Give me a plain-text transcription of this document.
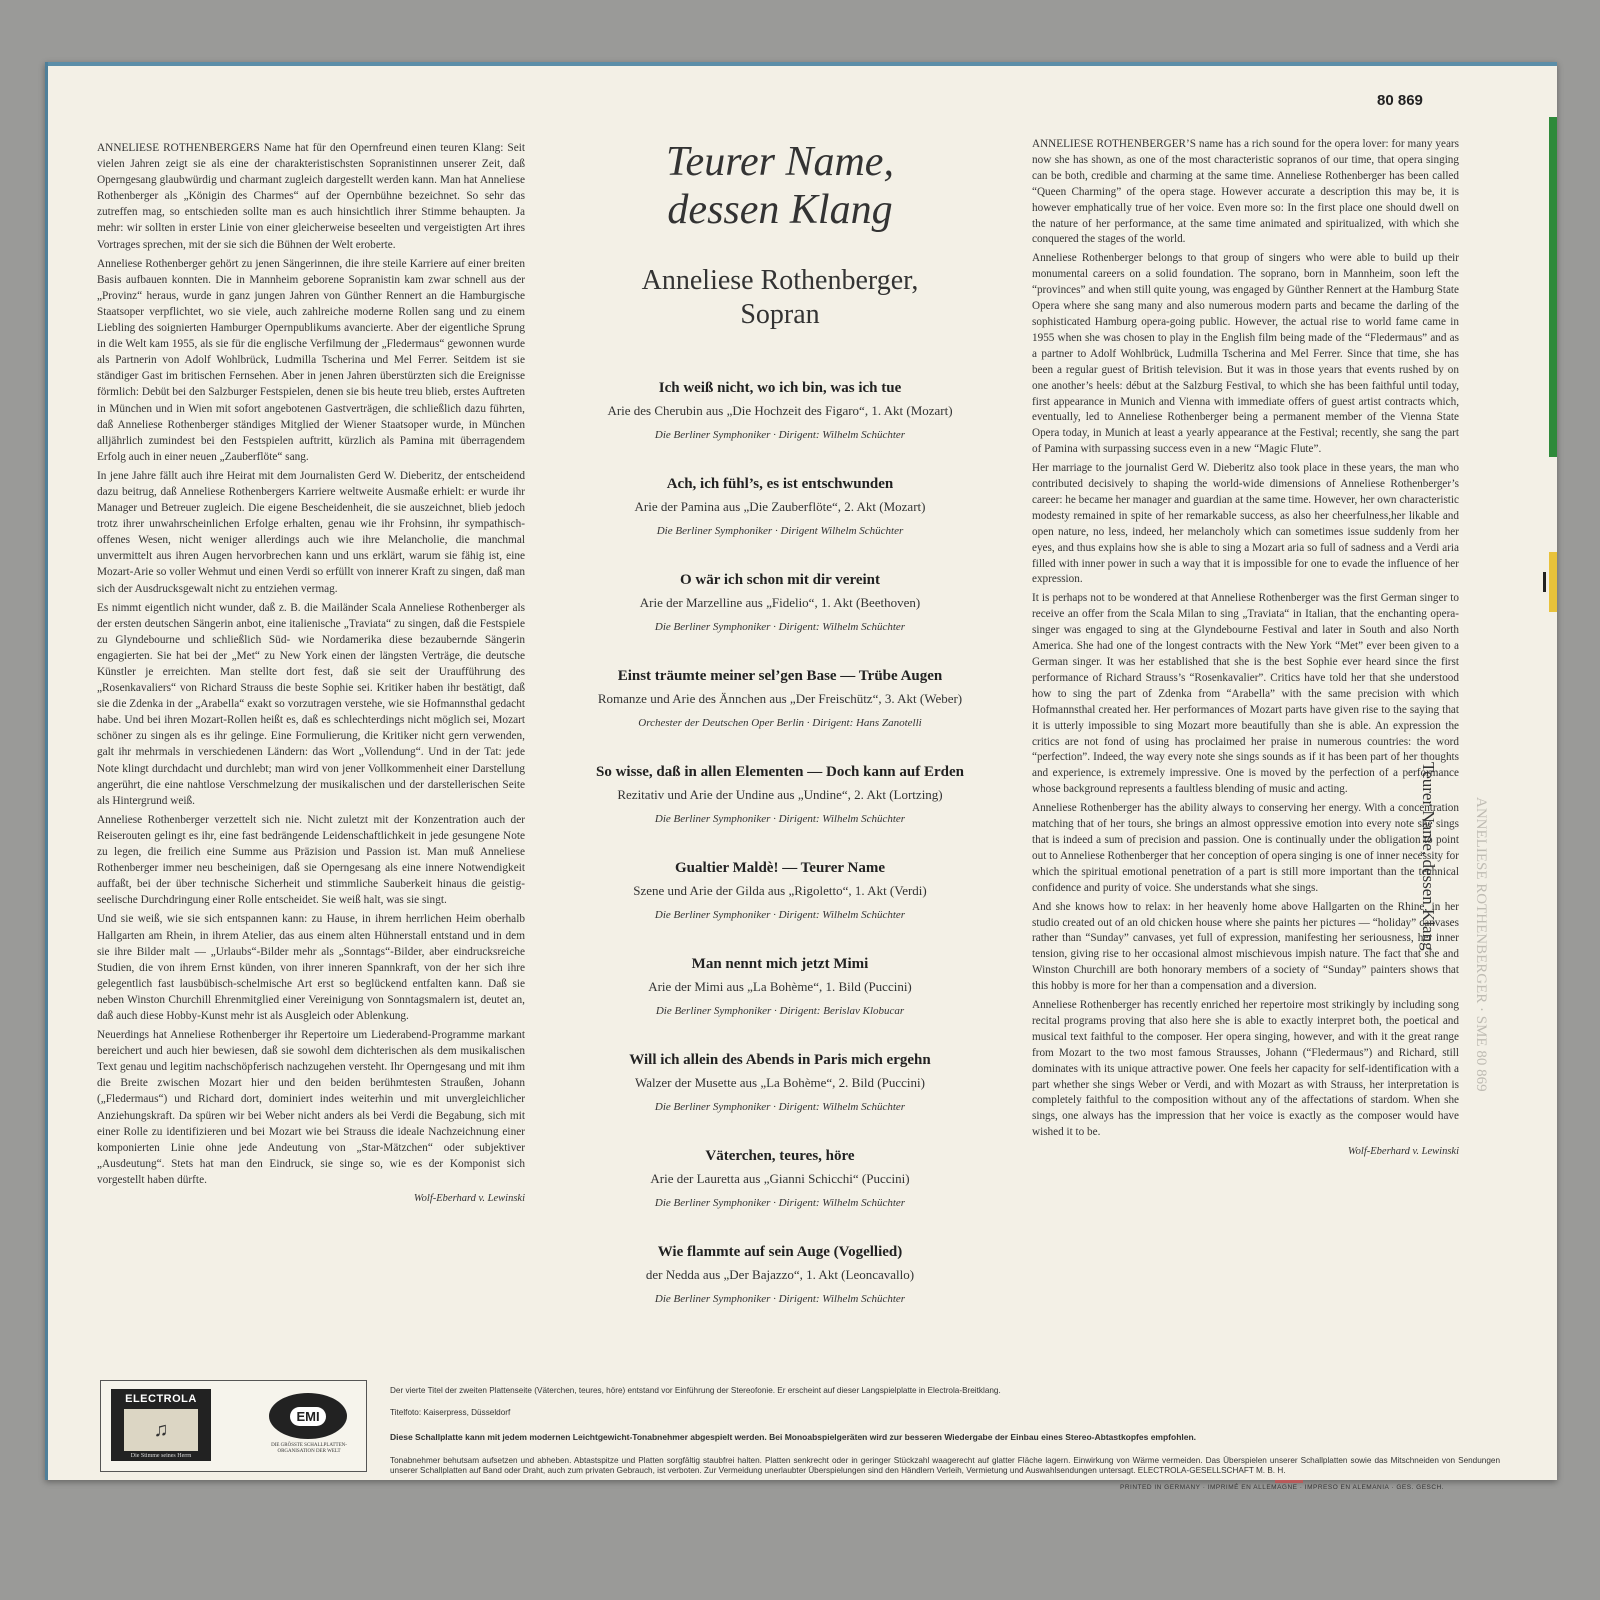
80 869

ANNELIESE ROTHENBERGERS Name hat für den Opernfreund einen teuren Klang: Seit vielen Jahren zeigt sie als eine der charakteristischsten Sopranistinnen unserer Zeit, daß Operngesang glaubwürdig und charmant zugleich dargestellt werden kann. Man hat Anneliese Rothenberger als „Königin des Charmes“ auf der Opernbühne bezeichnet. So sehr das zutreffen mag, so entschieden sollte man es auch hinsichtlich ihrer Stimme behaupten. Ja mehr: wir sollten in erster Linie von einer gleicherweise beseelten und vergeistigten Art ihres Vortrages sprechen, mit der sie sich die Bühnen der Welt eroberte.

Anneliese Rothenberger gehört zu jenen Sängerinnen, die ihre steile Karriere auf einer breiten Basis aufbauen konnten. Die in Mannheim geborene Sopranistin kam zwar schnell aus der „Provinz“ heraus, wurde in ganz jungen Jahren von Günther Rennert an die Hamburgische Staatsoper verpflichtet, wo sie viele, auch zahlreiche moderne Rollen sang und zu einem Liebling des soignierten Hamburger Opernpublikums avancierte. Aber der eigentliche Sprung in die Welt kam 1955, als sie für die englische Verfilmung der „Fledermaus“ gewonnen wurde als Partnerin von Adolf Wohlbrück, Ludmilla Tscherina und Mel Ferrer. Seitdem ist sie ständiger Gast im britischen Fernsehen. Aber in jenen Jahren überstürzten sich die Ereignisse förmlich: Debüt bei den Salzburger Festspielen, denen sie bis heute treu blieb, erstes Auftreten in München und in Wien mit sofort angebotenen Gastverträgen, die schließlich dazu führten, daß Anneliese Rothenberger ständiges Mitglied der Wiener Staatsoper wurde, in München alljährlich zumindest bei den Festspielen auftritt, kürzlich als Pamina mit überragendem Erfolg auch in einer neuen „Zauberflöte“ sang.

In jene Jahre fällt auch ihre Heirat mit dem Journalisten Gerd W. Dieberitz, der entscheidend dazu beitrug, daß Anneliese Rothenbergers Karriere weltweite Ausmaße erhielt: er wurde ihr Manager und Betreuer zugleich. Die eigene Bescheidenheit, die sie auszeichnet, blieb jedoch trotz ihrer unwahrscheinlichen Erfolge erhalten, genau wie ihr Frohsinn, ihr sympathisch-offenes Wesen, nicht weniger allerdings auch wie ihre Melancholie, die manchmal unvermittelt aus ihren Augen hervorbrechen kann und uns erklärt, warum sie fähig ist, eine Mozart-Arie so voller Wehmut und einen Verdi so erfüllt von innerer Kraft zu singen, daß man sich der Ausdrucksgewalt nicht zu entziehen vermag.

Es nimmt eigentlich nicht wunder, daß z. B. die Mailänder Scala Anneliese Rothenberger als der ersten deutschen Sängerin anbot, eine italienische „Traviata“ zu singen, daß die Festspiele zu Glyndebourne und schließlich Süd- wie Nordamerika diese bezaubernde Sängerin engagierten. Sie hat bei der „Met“ zu New York einen der längsten Verträge, die deutsche Künstler je erreichten. Man stellte dort fest, daß sie seit der Uraufführung des „Rosenkavaliers“ von Richard Strauss die beste Sophie sei. Kritiker haben ihr bestätigt, daß sie die Zdenka in der „Arabella“ exakt so vorzutragen verstehe, wie sie Hofmannsthal gedacht habe. Und bei ihren Mozart-Rollen heißt es, daß es schlechterdings nicht möglich sei, Mozart schöner zu singen als es ihr gelinge. Eine Formulierung, die Kritiker nicht gern verwenden, galt ihr mehrmals in verschiedenen Ländern: das Wort „Vollendung“. Und in der Tat: jede Note klingt durchdacht und durchlebt; man wird von jener Vollkommenheit einer Darstellung angerührt, die eine nahtlose Verschmelzung der musikalischen und der darstellerischen Seite als Hintergrund weiß.

Anneliese Rothenberger verzettelt sich nie. Nicht zuletzt mit der Konzentration auch der Reiserouten gelingt es ihr, eine fast bedrängende Leidenschaftlichkeit in jede gesungene Note zu legen, die freilich eine Summe aus Präzision und Passion ist. Man muß Anneliese Rothenberger immer neu bescheinigen, daß sie Operngesang als eine innere Notwendigkeit auffaßt, bei der über technische Sicherheit und stimmliche Sauberkeit hinaus die geistig-seelische Durchdringung einer Rolle entscheidet. Sie weiß halt, was sie singt.

Und sie weiß, wie sie sich entspannen kann: zu Hause, in ihrem herrlichen Heim oberhalb Hallgarten am Rhein, in ihrem Atelier, das aus einem alten Hühnerstall entstand und in dem sie ihre Bilder malt — „Urlaubs“-Bilder mehr als „Sonntags“-Bilder, aber eindrucksreiche Studien, die von ihrem Ernst künden, von ihrer inneren Spannkraft, von der her sich ihre gelegentlich fast lausbübisch-schelmische Art erst so beglückend entfalten kann. Daß sie neben Winston Churchill Ehrenmitglied einer Vereinigung von Sonntagsmalern ist, deutet an, daß auch diese Hobby-Kunst mehr ist als Ausgleich oder Ablenkung.

Neuerdings hat Anneliese Rothenberger ihr Repertoire um Liederabend-Programme markant bereichert und auch hier bewiesen, daß sie sowohl dem dichterischen als dem musikalischen Text genau und legitim nachschöpferisch nachzugehen versteht. Ihr Operngesang und mit ihm die Breite zwischen Mozart hier und den beiden berühmtesten Straußen, Johann („Fledermaus“) und Richard dort, dominiert indes weiterhin und mit unvergleichlicher Anziehungskraft. Da spüren wir bei Weber nicht anders als bei Verdi die Begabung, sich mit einer Rolle zu identifizieren und bei Mozart wie bei Strauss die ideale Nachzeichnung einer komponierten Linie ohne jede Andeutung von „Star-Mätzchen“ oder subjektiver „Ausdeutung“. Stets hat man den Eindruck, sie singe so, wie es der Komponist sich vorgestellt haben dürfte.

Wolf-Eberhard v. Lewinski
Teurer Name,
dessen Klang
Anneliese Rothenberger,
Sopran
Ich weiß nicht, wo ich bin, was ich tue
Arie des Cherubin aus „Die Hochzeit des Figaro“, 1. Akt (Mozart)
Die Berliner Symphoniker · Dirigent: Wilhelm Schüchter
Ach, ich fühl’s, es ist entschwunden
Arie der Pamina aus „Die Zauberflöte“, 2. Akt (Mozart)
Die Berliner Symphoniker · Dirigent Wilhelm Schüchter
O wär ich schon mit dir vereint
Arie der Marzelline aus „Fidelio“, 1. Akt (Beethoven)
Die Berliner Symphoniker · Dirigent: Wilhelm Schüchter
Einst träumte meiner sel’gen Base — Trübe Augen
Romanze und Arie des Ännchen aus „Der Freischütz“, 3. Akt (Weber)
Orchester der Deutschen Oper Berlin · Dirigent: Hans Zanotelli
So wisse, daß in allen Elementen — Doch kann auf Erden
Rezitativ und Arie der Undine aus „Undine“, 2. Akt (Lortzing)
Die Berliner Symphoniker · Dirigent: Wilhelm Schüchter
Gualtier Maldè! — Teurer Name
Szene und Arie der Gilda aus „Rigoletto“, 1. Akt (Verdi)
Die Berliner Symphoniker · Dirigent: Wilhelm Schüchter
Man nennt mich jetzt Mimi
Arie der Mimi aus „La Bohème“, 1. Bild (Puccini)
Die Berliner Symphoniker · Dirigent: Berislav Klobucar
Will ich allein des Abends in Paris mich ergehn
Walzer der Musette aus „La Bohème“, 2. Bild (Puccini)
Die Berliner Symphoniker · Dirigent: Wilhelm Schüchter
Väterchen, teures, höre
Arie der Lauretta aus „Gianni Schicchi“ (Puccini)
Die Berliner Symphoniker · Dirigent: Wilhelm Schüchter
Wie flammte auf sein Auge (Vogellied)
der Nedda aus „Der Bajazzo“, 1. Akt (Leoncavallo)
Die Berliner Symphoniker · Dirigent: Wilhelm Schüchter

ANNELIESE ROTHENBERGER’S name has a rich sound for the opera lover: for many years now she has shown, as one of the most characteristic sopranos of our time, that opera singing can be both, credible and charming at the same time. Anneliese Rothenberger has been called “Queen Charming” of the opera stage. However accurate a description this may be, it is however emphatically true of her voice. Even more so: In the first place one should dwell on the nature of her performance, at the same time animated and spiritualized, with which she conquered the stages of the world.

Anneliese Rothenberger belongs to that group of singers who were able to build up their monumental careers on a solid foundation. The soprano, born in Mannheim, soon left the “provinces” and when still quite young, was engaged by Günther Rennert at the Hamburg State Opera where she sang many and also numerous modern parts and became the darling of the sophisticated Hamburg opera-going public. However, the actual rise to world fame came in 1955 when she was chosen to play in the English film being made of the “Fledermaus” and as a partner to Adolf Wohlbrück, Ludmilla Tscherina and Mel Ferrer. Since that time, she has been a regular guest of British television. But it was in those years that events rushed by on one another’s heels: début at the Salzburg Festival, to which she has been faithful until today, first appearance in Munich and Vienna with immediate offers of guest artist contracts which, eventually, led to Anneliese Rothenberger being a permanent member of the Vienna State Opera today, in Munich at least a yearly appearance at the Festival; recently, she sang the part of Pamina with surpassing success even in a new “Magic Flute”.

Her marriage to the journalist Gerd W. Dieberitz also took place in these years, the man who contributed decisively to shaping the world-wide dimensions of Anneliese Rothenberger’s career: he became her manager and guardian at the same time. However, her own characteristic modesty remained in spite of her remarkable success, as also her cheerfulness,her likable and open nature, no less, indeed, her melancholy which can sometimes issue suddenly from her eyes, and thus explains how she is able to sing a Mozart aria so full of sadness and a Verdi aria filled with inner power in such a way that it is impossible for one to evade the influence of her expression.

It is perhaps not to be wondered at that Anneliese Rothenberger was the first German singer to receive an offer from the Scala Milan to sing „Traviata“ in Italian, that the enchanting opera-singer was engaged to sing at the Glyndebourne Festival and later in South and also North America. She had one of the longest contracts with the New York “Met” ever been given to a German singer. It was her established that she is the best Sophie ever heard since the first performance of Richard Strauss’s “Rosenkavalier”. Critics have told her that she understood how to sing the part of Zdenka from “Arabella” with the same precision with which Hofmannsthal created her. Her performances of Mozart parts have given rise to the saying that it is utterly impossible to sing Mozart more beautifully than she is able. An expression the critics are not fond of using has proclaimed her praise in numerous countries: the word “perfection”. Indeed, the way every note she sings sounds as if it has been part of her thoughts and experience, is extremely impressive. One is moved by the perfection of a performance whose background represents a faultless blending of music and acting.

Anneliese Rothenberger has the ability always to conserving her energy. With a concentration matching that of her tours, she brings an almost oppressive emotion into every note she sings that is indeed a sum of precision and passion. One is continually under the obligation to point out to Anneliese Rothenberger that her conception of opera singing is one of inner necessity for which the spiritual emotional penetration of a part is still more important than the technical confidence and purity of voice. She understands what she sings.

And she knows how to relax: in her heavenly home above Hallgarten on the Rhine, in her studio created out of an old chicken house where she paints her pictures — “holiday” canvases rather than “Sunday” canvases, yet full of expression, manifesting her seriousness, her inner tension, giving rise to her occasional almost mischievous impish nature. The fact that she and Winston Churchill are both honorary members of a society of “Sunday” painters shows that this hobby is more for her than a compensation and a diversion.

Anneliese Rothenberger has recently enriched her repertoire most strikingly by including song recital programs proving that also here she is able to exactly interpret both, the poetical and musical text faithful to the composer. Her opera singing, however, and with it the great range from Mozart to the two most famous Strausses, Johann (“Fledermaus”) and Richard, still dominates with its unique attractive power. One feels her capacity for self-identification with a part whether she sings Weber or Verdi, and with Mozart as with Strauss, her interpretation is completely faithful to the composition without any of the affectations of stardom. When she sings, one always has the impression that her voice is exactly as the composer would have wished it to be.

Wolf-Eberhard v. Lewinski
Teurer Name, dessen Klang ANNELIESE ROTHENBERGER · SME 80 869
ELECTROLA
♫
Die Stimme seines Herrn
EMI
DIE GRÖSSTE SCHALLPLATTEN-ORGANISATION DER WELT
Der vierte Titel der zweiten Plattenseite (Väterchen, teures, höre) entstand vor Einführung der Stereofonie. Er erscheint auf dieser Langspielplatte in Electrola-Breitklang.
Titelfoto: Kaiserpress, Düsseldorf
Diese Schallplatte kann mit jedem modernen Leichtgewicht-Tonabnehmer abgespielt werden. Bei Monoabspielgeräten wird zur besseren Wiedergabe der Einbau eines Stereo-Abtastkopfes empfohlen.
Tonabnehmer behutsam aufsetzen und abheben. Abtastspitze und Platten sorgfältig staubfrei halten. Platten senkrecht oder in geringer Stückzahl waagerecht auf glatter Fläche lagern. Einwirkung von Wärme vermeiden. Das Überspielen unserer Schallplatten sowie das Mitschneiden von Sendungen unserer Schallplatten auf Band oder Draht, auch zum privaten Gebrauch, ist verboten. Zur Vermeidung unerlaubter Überspielungen sind den Händlern Verleih, Vermietung und Auswahlsendungen untersagt. ELECTROLA-GESELLSCHAFT M. B. H.
PRINTED IN GERMANY · IMPRIMÉ EN ALLEMAGNE · IMPRESO EN ALEMANIA · GES. GESCH.
